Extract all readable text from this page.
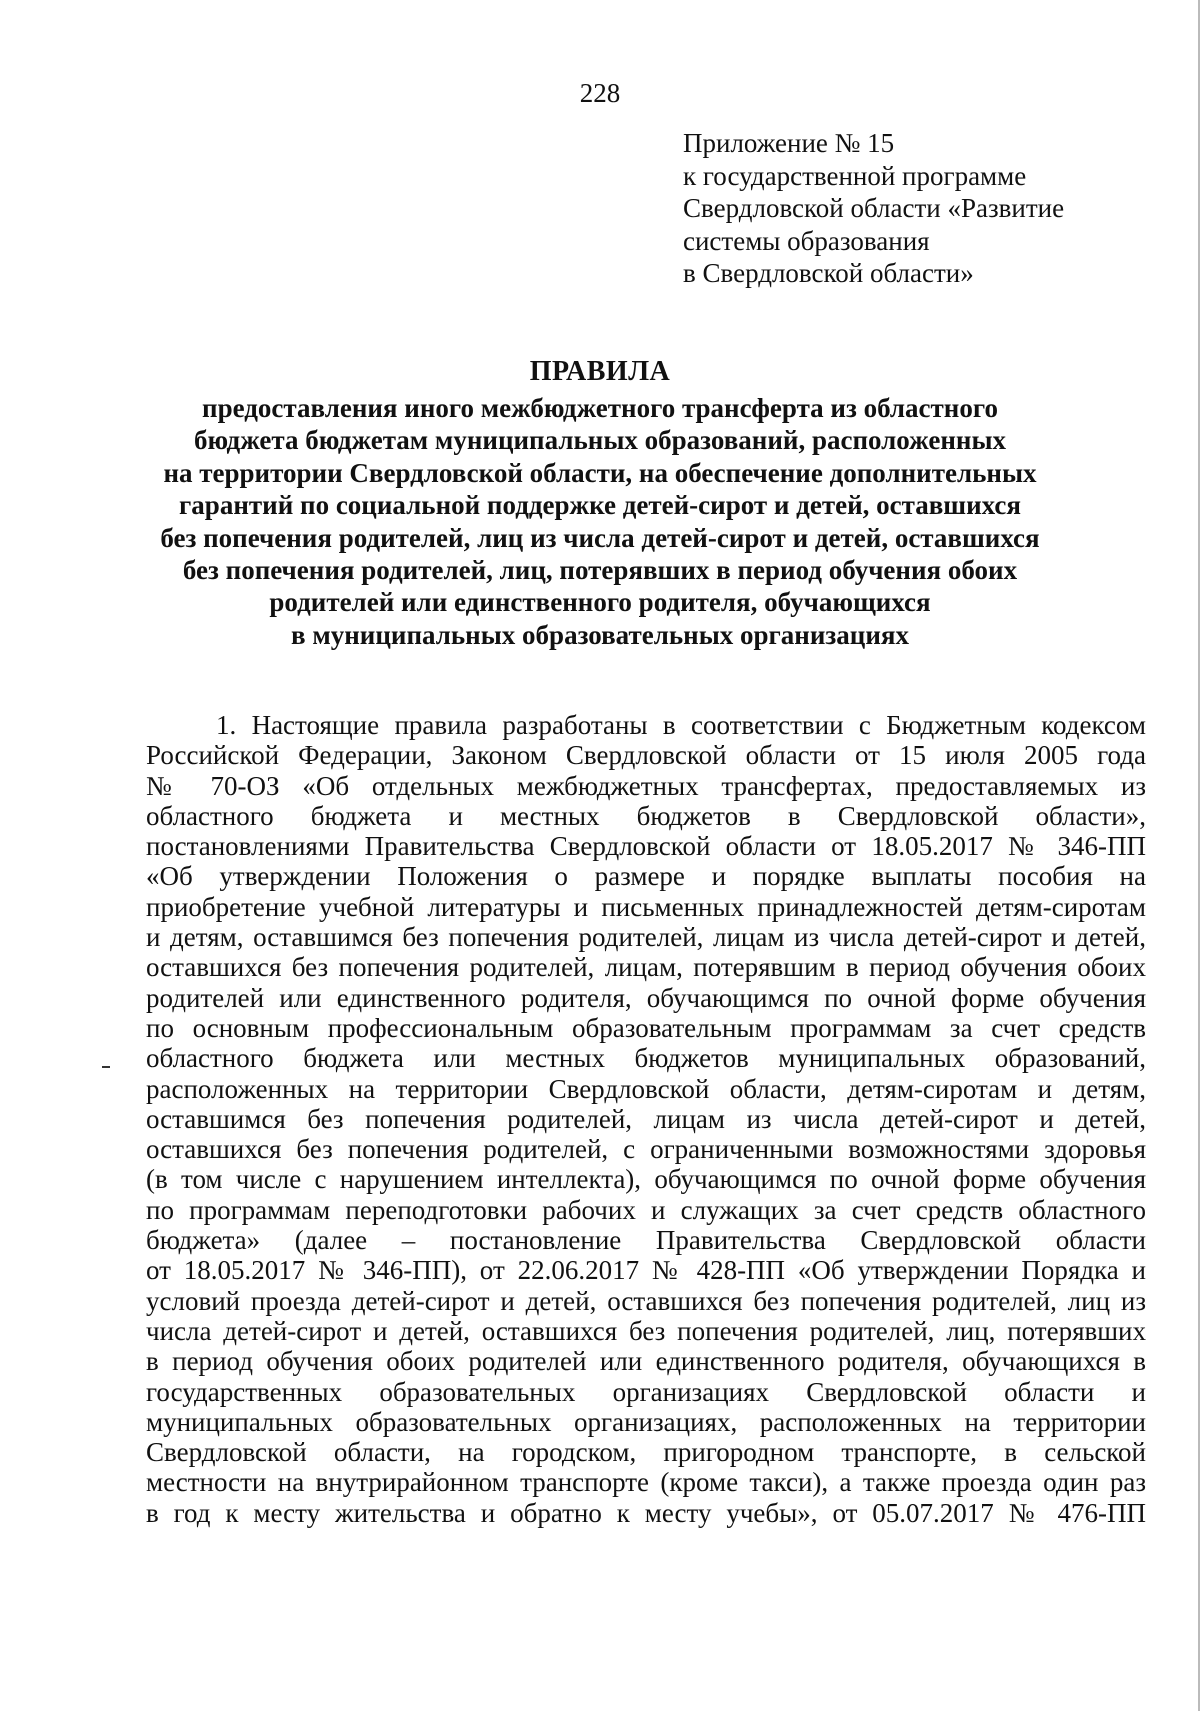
228
Приложение № 15
к государственной программе
Свердловской области «Развитие
системы образования
в Свердловской области»
ПРАВИЛА
предоставления иного межбюджетного трансферта из областного
бюджета бюджетам муниципальных образований, расположенных
на территории Свердловской области, на обеспечение дополнительных
гарантий по социальной поддержке детей-сирот и детей, оставшихся
без попечения родителей, лиц из числа детей-сирот и детей, оставшихся
без попечения родителей, лиц, потерявших в период обучения обоих
родителей или единственного родителя, обучающихся
в муниципальных образовательных организациях
1. Настоящие правила разработаны в соответствии с Бюджетным кодексом
Российской Федерации, Законом Свердловской области от 15 июля 2005 года
№ 70-ОЗ «Об отдельных межбюджетных трансфертах, предоставляемых из
областного бюджета и местных бюджетов в Свердловской области»,
постановлениями Правительства Свердловской области от 18.05.2017 № 346-ПП
«Об утверждении Положения о размере и порядке выплаты пособия на
приобретение учебной литературы и письменных принадлежностей детям-сиротам
и детям, оставшимся без попечения родителей, лицам из числа детей-сирот и детей,
оставшихся без попечения родителей, лицам, потерявшим в период обучения обоих
родителей или единственного родителя, обучающимся по очной форме обучения
по основным профессиональным образовательным программам за счет средств
областного бюджета или местных бюджетов муниципальных образований,
расположенных на территории Свердловской области, детям-сиротам и детям,
оставшимся без попечения родителей, лицам из числа детей-сирот и детей,
оставшихся без попечения родителей, с ограниченными возможностями здоровья
(в том числе с нарушением интеллекта), обучающимся по очной форме обучения
по программам переподготовки рабочих и служащих за счет средств областного
бюджета» (далее – постановление Правительства Свердловской области
от 18.05.2017 № 346-ПП), от 22.06.2017 № 428-ПП «Об утверждении Порядка и
условий проезда детей-сирот и детей, оставшихся без попечения родителей, лиц из
числа детей-сирот и детей, оставшихся без попечения родителей, лиц, потерявших
в период обучения обоих родителей или единственного родителя, обучающихся в
государственных образовательных организациях Свердловской области и
муниципальных образовательных организациях, расположенных на территории
Свердловской области, на городском, пригородном транспорте, в сельской
местности на внутрирайонном транспорте (кроме такси), а также проезда один раз
в год к месту жительства и обратно к месту учебы», от 05.07.2017 № 476-ПП
